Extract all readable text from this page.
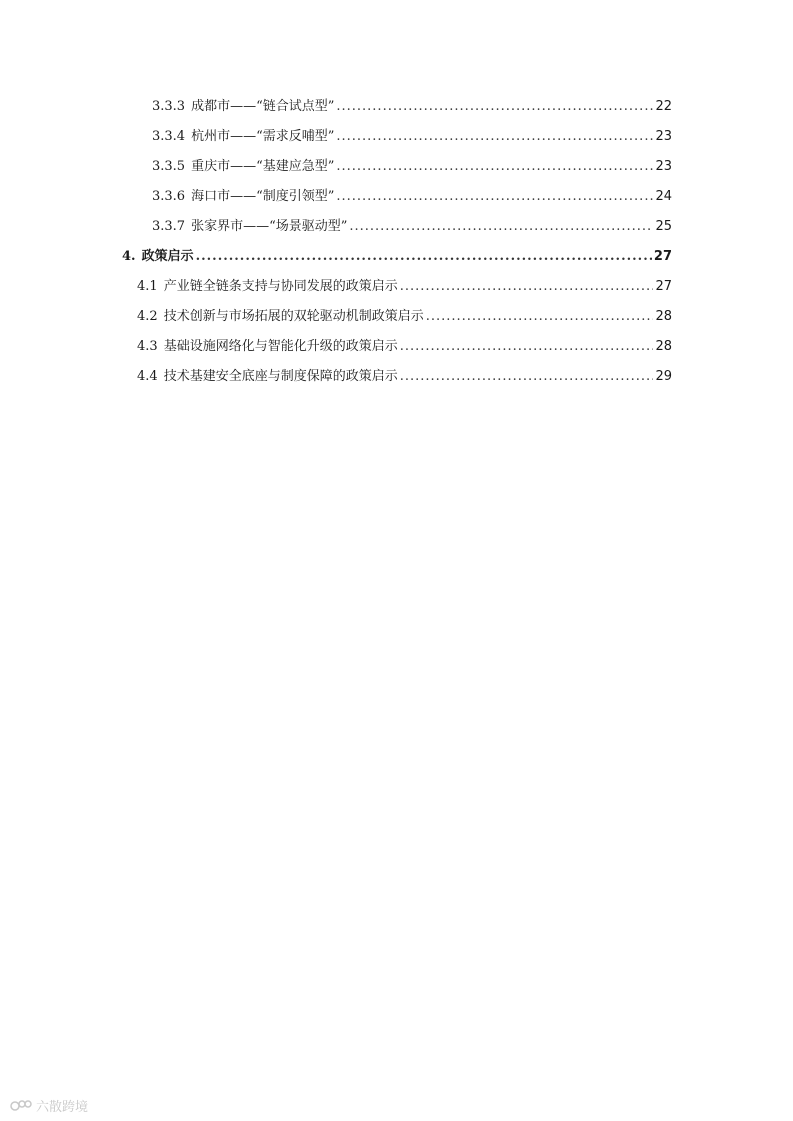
3.3.3 成都市——“链合试点型” .....	22
3.3.4 杭州市——“需求反哺型” .....	23
3.3.5 重庆市——“基建应急型” .....	23
3.3.6 海口市——“制度引领型” .....	24
3.3.7 张家界市——“场景驱动型” .....	25
4. 政策启示 .....	27
4.1 产业链全链条支持与协同发展的政策启示 .....	27
4.2 技术创新与市场拓展的双轮驱动机制政策启示 .....	28
4.3 基础设施网络化与智能化升级的政策启示 .....	28
4.4 技术基建安全底座与制度保障的政策启示 .....	29
六散跨境
